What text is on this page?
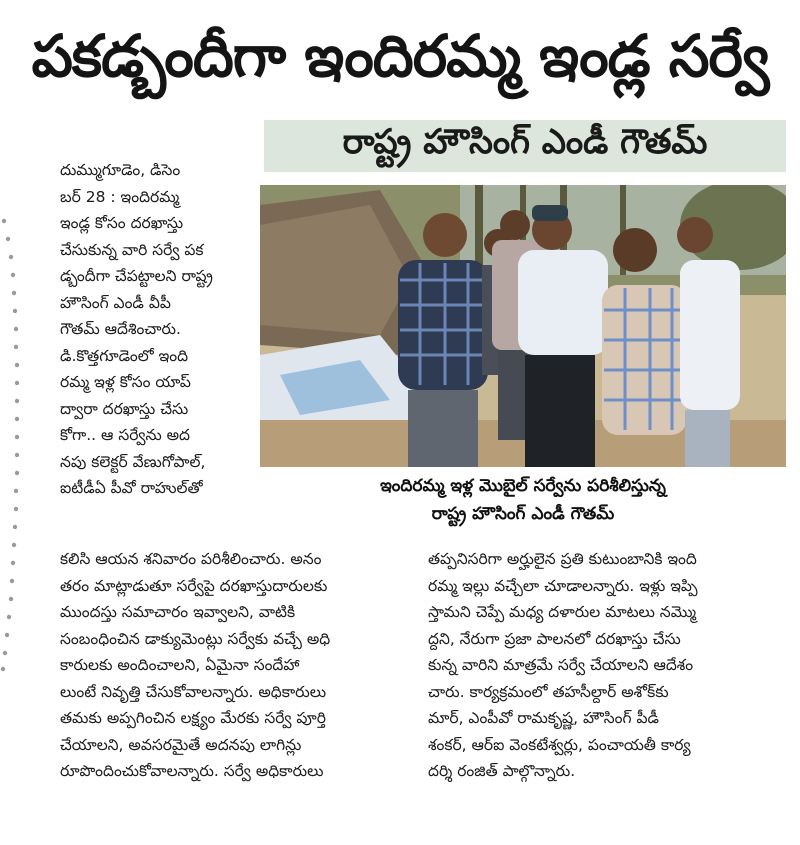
పకడ్బందీగా ఇందిరమ్మ ఇండ్ల సర్వే
రాష్ట్ర హౌసింగ్ ఎండీ గౌతమ్
దుమ్ముగూడెం, డిసెం
బర్ 28 : ఇందిరమ్మ
ఇండ్ల కోసం దరఖాస్తు
చేసుకున్న వారి సర్వే పక
డ్బందీగా చేపట్టాలని రాష్ట్ర
హౌసింగ్ ఎండీ వీపీ
గౌతమ్ ఆదేశించారు.
డి.కొత్తగూడెంలో ఇంది
రమ్మ ఇళ్ల కోసం యాప్
ద్వారా దరఖాస్తు చేసు
కోగా.. ఆ సర్వేను అద
నపు కలెక్టర్ వేణుగోపాల్,
ఐటీడీఏ పీవో రాహుల్‌తో	ఇందిరమ్మ ఇళ్ల మొబైల్ సర్వేను పరిశీలిస్తున్న
రాష్ట్ర హౌసింగ్ ఎండీ గౌతమ్
కలిసి ఆయన శనివారం పరిశీలించారు. అనం
తరం మాట్లాడుతూ సర్వేపై దరఖాస్తుదారులకు
ముందస్తు సమాచారం ఇవ్వాలని, వాటికి
సంబంధించిన డాక్యుమెంట్లు సర్వేకు వచ్చే అధి
కారులకు అందించాలని, ఏమైనా సందేహా
లుంటే నివృత్తి చేసుకోవాలన్నారు. అధికారులు
తమకు అప్పగించిన లక్ష్యం మేరకు సర్వే పూర్తి
చేయాలని, అవసరమైతే అదనపు లాగిన్లు
రూపొందించుకోవాలన్నారు. సర్వే అధికారులు
తప్పనిసరిగా అర్హులైన ప్రతి కుటుంబానికి ఇంది
రమ్మ ఇల్లు వచ్చేలా చూడాలన్నారు. ఇళ్లు ఇప్పి
స్తామని చెప్పే మధ్య దళారుల మాటలు నమ్మొ
ద్దని, నేరుగా ప్రజా పాలనలో దరఖాస్తు చేసు
కున్న వారిని మాత్రమే సర్వే చేయాలని ఆదేశం
చారు. కార్యక్రమంలో తహసీల్దార్ అశోక్‌కు
మార్, ఎంపీవో రామకృష్ణ, హౌసింగ్ పీడీ
శంకర్, ఆర్ఐ వెంకటేశ్వర్లు, పంచాయతీ కార్య
దర్శి రంజిత్ పాల్గొన్నారు.
